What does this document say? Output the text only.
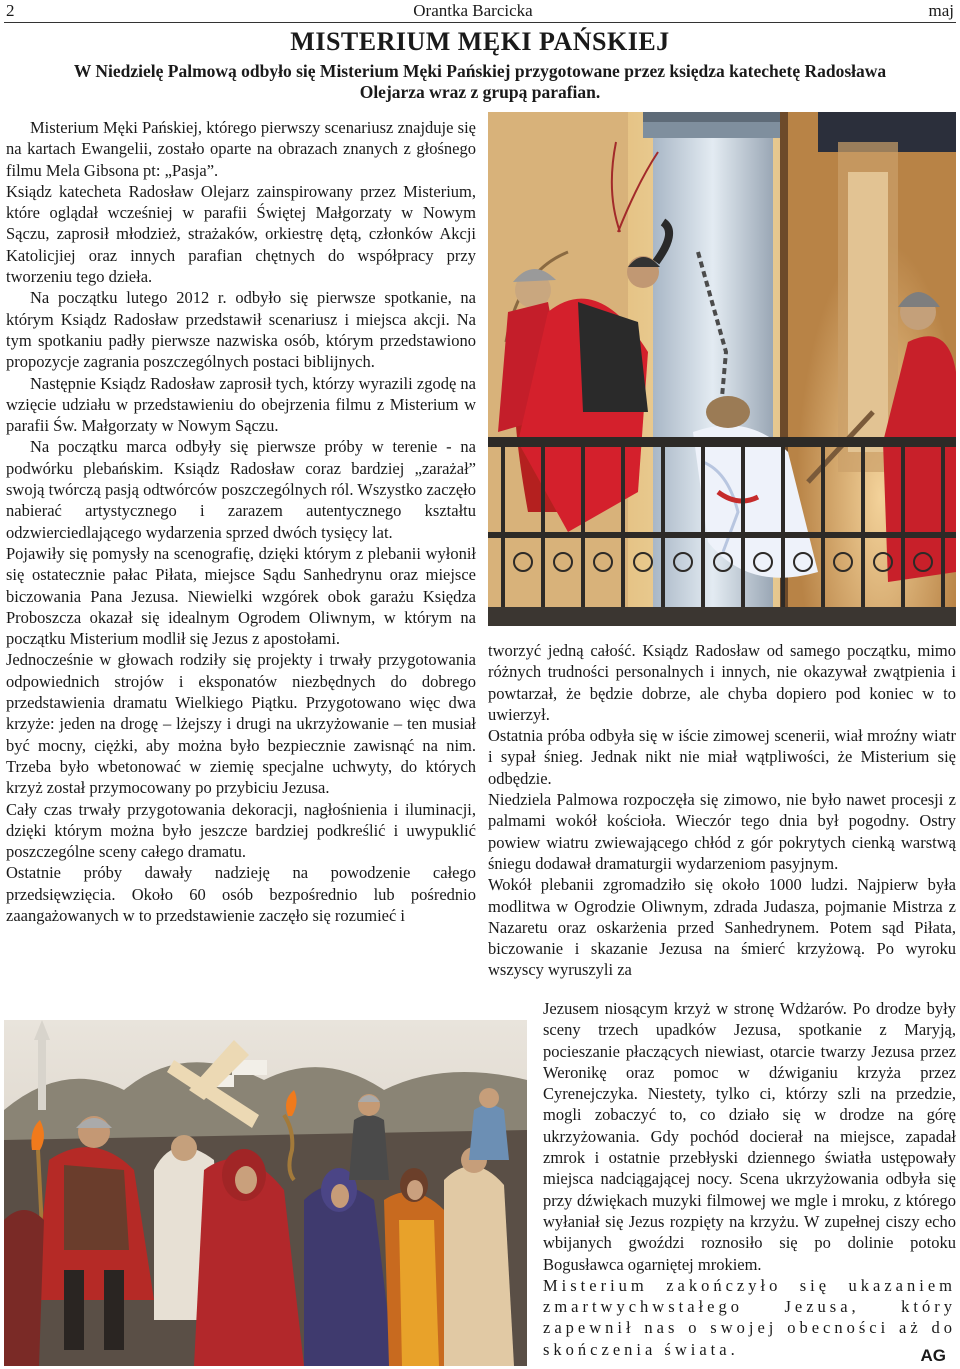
2	Orantka Barcicka	maj
MISTERIUM MĘKI PAŃSKIEJ
W Niedzielę Palmową odbyło się Misterium Męki Pańskiej przygotowane przez księdza katechetę Radosława Olejarza wraz z grupą parafian.

Misterium Męki Pańskiej, którego pierwszy scenariusz znajduje się na kartach Ewangelii, zostało oparte na obrazach znanych z głośnego filmu Mela Gibsona pt: „Pasja”.

Ksiądz katecheta Radosław Olejarz zainspirowany przez Misterium, które oglądał wcześniej w parafii Świętej Małgorzaty w Nowym Sączu, zaprosił młodzież, strażaków, orkiestrę dętą, członków Akcji Katolicjiej oraz innych parafian chętnych do współpracy przy tworzeniu tego dzieła.

Na początku lutego 2012 r. odbyło się pierwsze spotkanie, na którym Ksiądz Radosław przedstawił scenariusz i miejsca akcji. Na tym spotkaniu padły pierwsze nazwiska osób, którym przedstawiono propozycje zagrania poszczególnych postaci biblijnych.

Następnie Ksiądz Radosław zaprosił tych, którzy wyrazili zgodę na wzięcie udziału w przedstawieniu do obejrzenia filmu z Misterium w parafii Św. Małgorzaty w Nowym Sączu.

Na początku marca odbyły się pierwsze próby w terenie - na podwórku plebańskim. Ksiądz Radosław coraz bardziej „zarażał” swoją twórczą pasją odtwórców poszczególnych ról. Wszystko zaczęło nabierać artystycznego i zarazem autentycznego kształtu odzwierciedlającego wydarzenia sprzed dwóch tysięcy lat.

Pojawiły się pomysły na scenografię, dzięki którym z plebanii wyłonił się ostatecznie pałac Piłata, miejsce Sądu Sanhedrynu oraz miejsce biczowania Pana Jezusa. Niewielki wzgórek obok garażu Księdza Proboszcza okazał się idealnym Ogrodem Oliwnym, w którym na początku Misterium modlił się Jezus z apostołami.

Jednocześnie w głowach rodziły się projekty i trwały przygotowania odpowiednich strojów i eksponatów niezbędnych do dobrego przedstawienia dramatu Wielkiego Piątku. Przygotowano więc dwa krzyże: jeden na drogę – lżejszy i drugi na ukrzyżowanie – ten musiał być mocny, ciężki, aby można było bezpiecznie zawisnąć na nim. Trzeba było wbetonować w ziemię specjalne uchwyty, do których krzyż został przymocowany po przybiciu Jezusa.

Cały czas trwały przygotowania dekoracji, nagłośnienia i iluminacji, dzięki którym można było jeszcze bardziej podkreślić i uwypuklić poszczególne sceny całego dramatu.

Ostatnie próby dawały nadzieję na powodzenie całego przedsięwzięcia. Około 60 osób bezpośrednio lub pośrednio zaangażowanych w to przedstawienie zaczęło się rozumieć i

tworzyć jedną całość. Ksiądz Radosław od samego początku, mimo różnych trudności personalnych i innych, nie okazywał zwątpienia i powtarzał, że będzie dobrze, ale chyba dopiero pod koniec w to uwierzył.

Ostatnia próba odbyła się w iście zimowej scenerii, wiał mroźny wiatr i sypał śnieg. Jednak nikt nie miał wątpliwości, że Misterium się odbędzie.

Niedziela Palmowa rozpoczęła się zimowo, nie było nawet procesji z palmami wokół kościoła. Wieczór tego dnia był pogodny. Ostry powiew wiatru zwiewającego chłód z gór pokrytych cienką warstwą śniegu dodawał dramaturgii wydarzeniom pasyjnym.

Wokół plebanii zgromadziło się około 1000 ludzi. Najpierw była modlitwa w Ogrodzie Oliwnym, zdrada Judasza, pojmanie Mistrza z Nazaretu oraz oskarżenia przed Sanhedrynem. Potem sąd Piłata, biczowanie i skazanie Jezusa na śmierć krzyżową. Po wyroku wszyscy wyruszyli za

Jezusem niosącym krzyż w stronę Wdżarów. Po drodze były sceny trzech upadków Jezusa, spotkanie z Maryją, pocieszanie płaczących niewiast, otarcie twarzy Jezusa przez Weronikę oraz pomoc w dźwiganiu krzyża przez Cyrenejczyka. Niestety, tylko ci, którzy szli na przedzie, mogli zobaczyć to, co działo się w drodze na górę ukrzyżowania. Gdy pochód docierał na miejsce, zapadał zmrok i ostatnie przebłyski dziennego światła ustępowały miejsca nadciągającej nocy. Scena ukrzyżowania odbyła się przy dźwiękach muzyki filmowej we mgle i mroku, z którego wyłaniał się Jezus rozpięty na krzyżu. W zupełnej ciszy echo wbijanych gwoździ roznosiło się po dolinie potoku Bogusławca ogarniętej mrokiem.

Misterium zakończyło się ukazaniem zmartwychwstałego Jezusa, który zapewnił nas o swojej obecności aż do skończenia świata.	AG
